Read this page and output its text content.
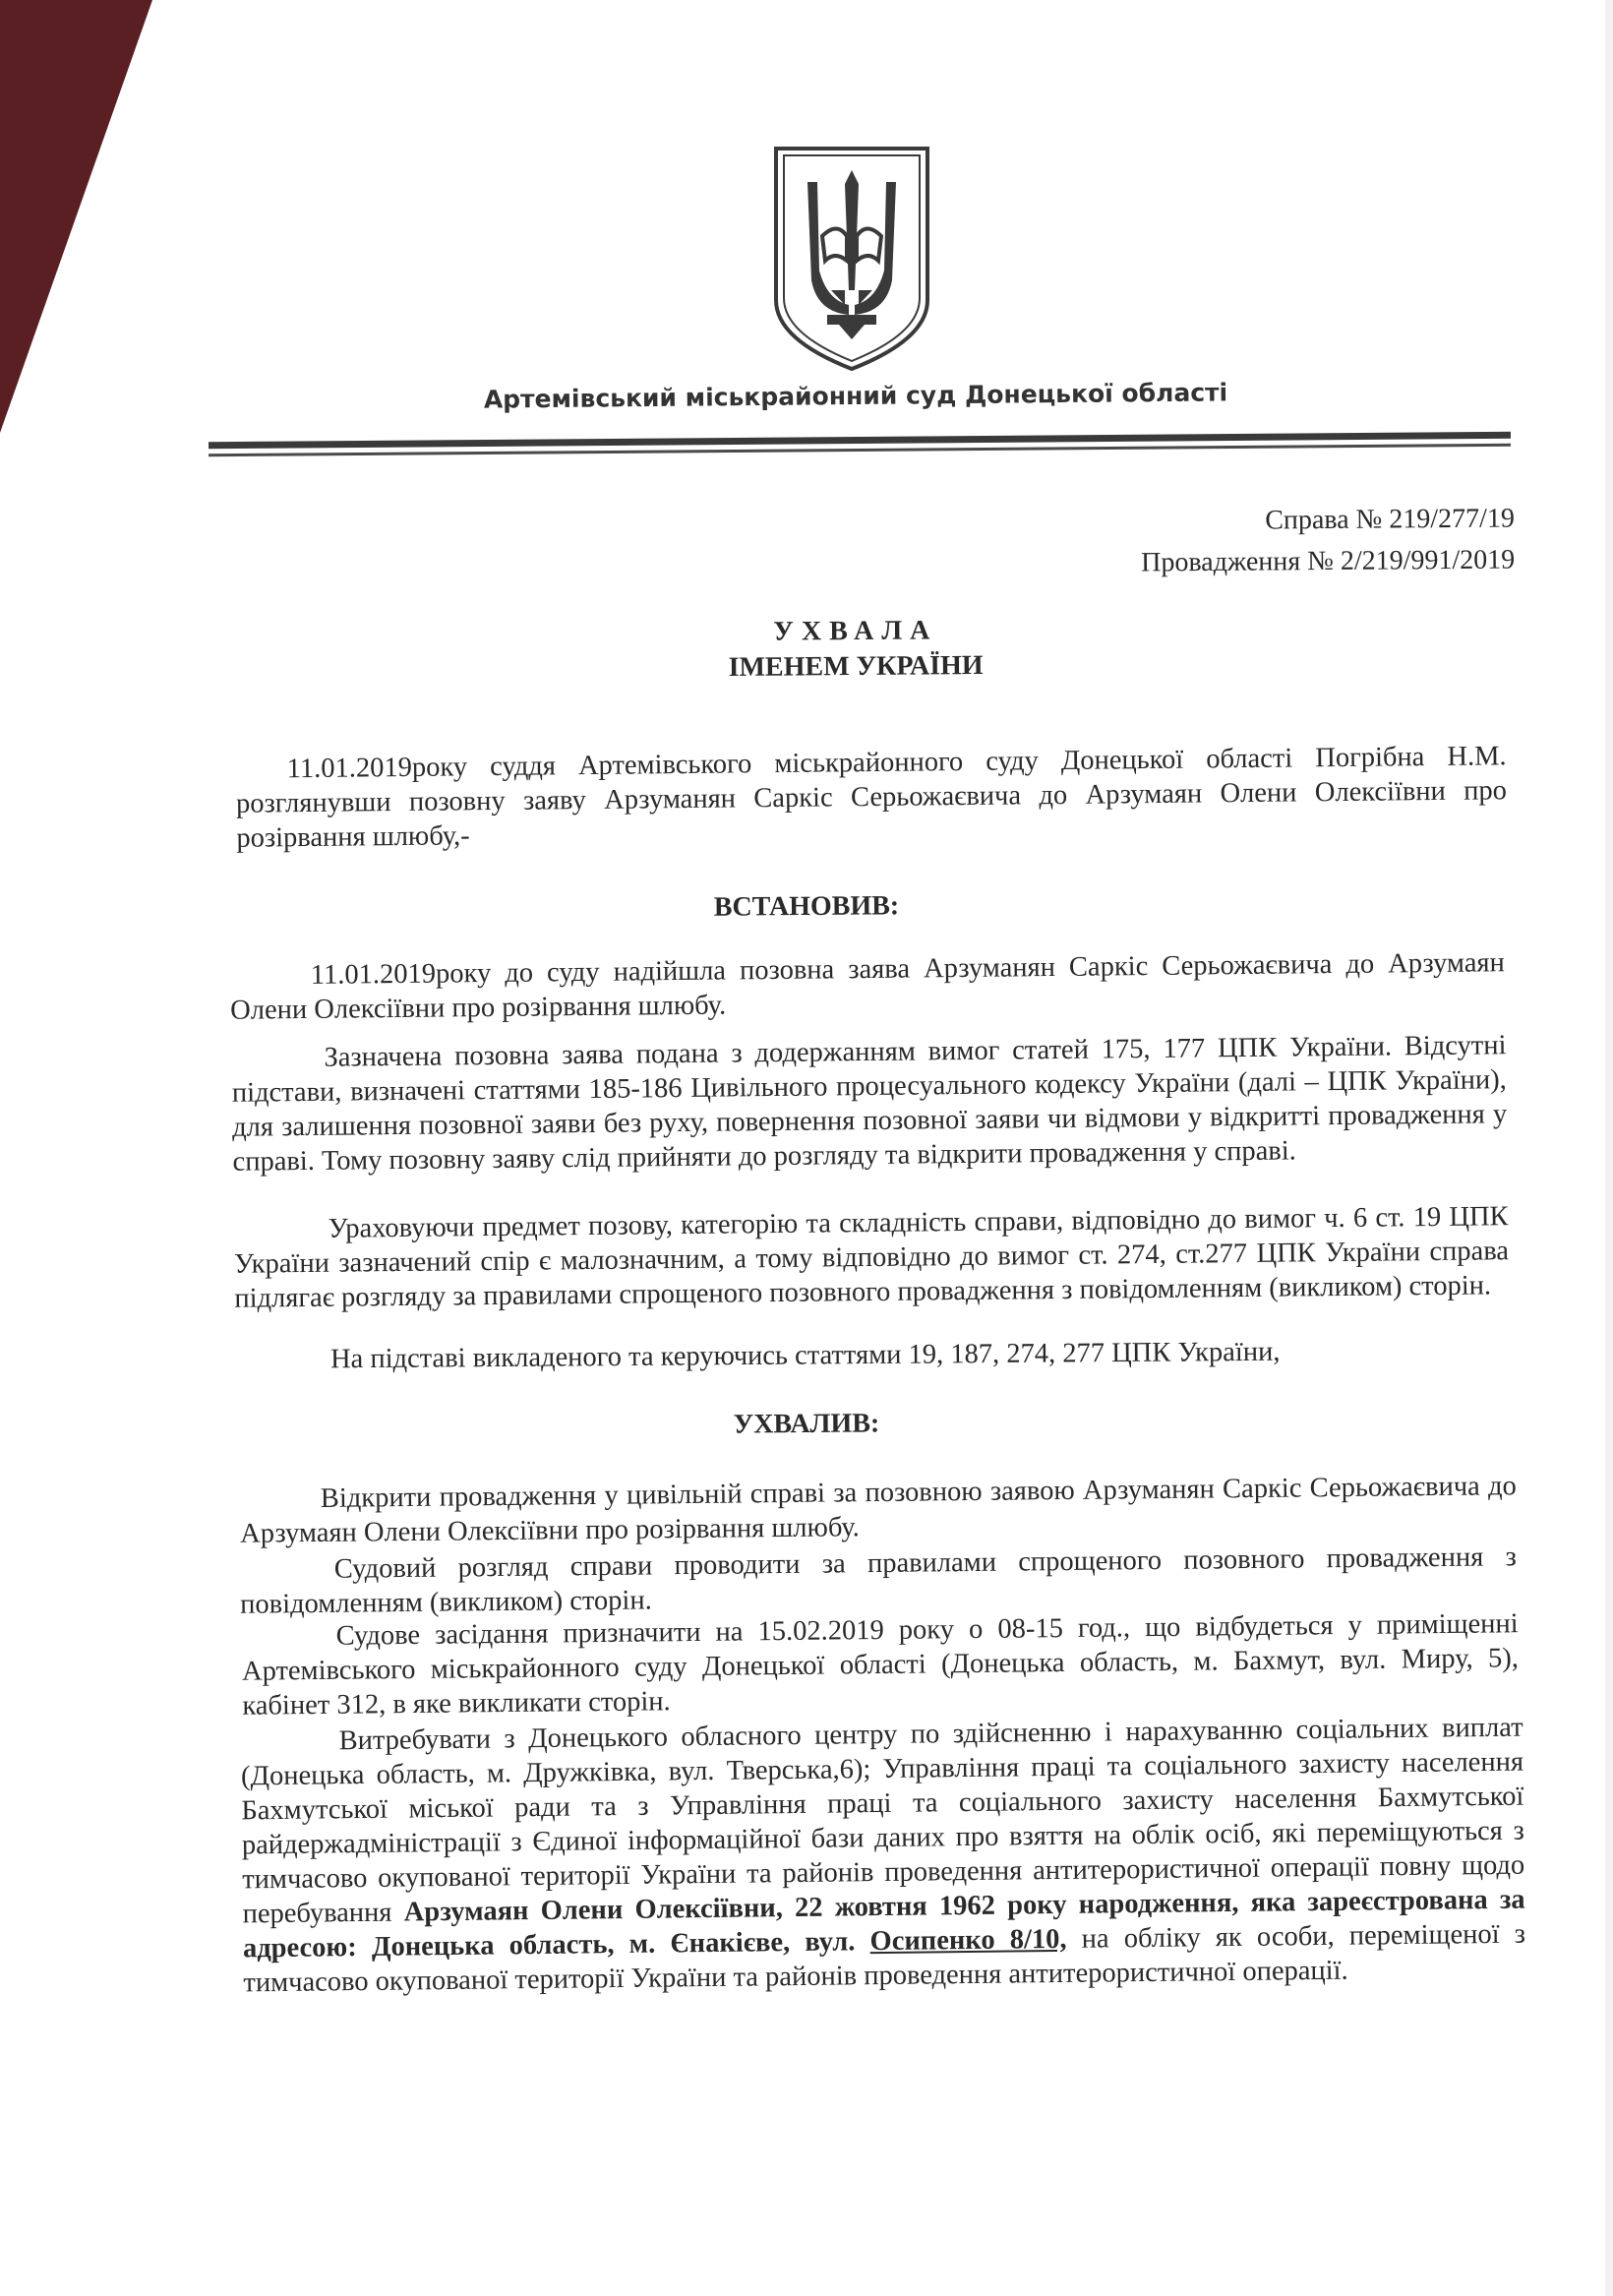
Артемівський міськрайонний суд Донецької області
Справа № 219/277/19
Провадження № 2/219/991/2019
УХВАЛА
ІМЕНЕМ УКРАЇНИ

11.01.2019року суддя Артемівського міськрайонного суду Донецької області Погрібна Н.М. розглянувши позовну заяву Арзуманян Саркіс Серьожаєвича до Арзумаян Олени Олексіївни про розірвання шлюбу,-

ВСТАНОВИВ:

11.01.2019року до суду надійшла позовна заява Арзуманян Саркіс Серьожаєвича до Арзумаян Олени Олексіївни про розірвання шлюбу.

Зазначена позовна заява подана з додержанням вимог статей 175, 177 ЦПК України. Відсутні підстави, визначені статтями 185-186 Цивільного процесуального кодексу України (далі – ЦПК України), для залишення позовної заяви без руху, повернення позовної заяви чи відмови у відкритті провадження у справі. Тому позовну заяву слід прийняти до розгляду та відкрити провадження у справі.

Ураховуючи предмет позову, категорію та складність справи, відповідно до вимог ч. 6 ст. 19 ЦПК України зазначений спір є малозначним, а тому відповідно до вимог ст. 274, ст.277 ЦПК України справа підлягає розгляду за правилами спрощеного позовного провадження з повідомленням (викликом) сторін.

На підставі викладеного та керуючись статтями 19, 187, 274, 277 ЦПК України,

УХВАЛИВ:

Відкрити провадження у цивільній справі за позовною заявою Арзуманян Саркіс Серьожаєвича до Арзумаян Олени Олексіївни про розірвання шлюбу.

Судовий розгляд справи проводити за правилами спрощеного позовного провадження з повідомленням (викликом) сторін.

Судове засідання призначити на 15.02.2019 року о 08-15 год., що відбудеться у приміщенні Артемівського міськрайонного суду Донецької області (Донецька область, м. Бахмут, вул. Миру, 5), кабінет 312, в яке викликати сторін.

Витребувати з Донецького обласного центру по здійсненню і нарахуванню соціальних виплат (Донецька область, м. Дружківка, вул. Тверська,6); Управління праці та соціального захисту населення Бахмутської міської ради та з Управління праці та соціального захисту населення Бахмутської райдержадміністрації з Єдиної інформаційної бази даних про взяття на облік осіб, які переміщуються з тимчасово окупованої території України та районів проведення антитерористичної операції повну щодо перебування Арзумаян Олени Олексіївни, 22 жовтня 1962 року народження, яка зареєстрована за адресою: Донецька область, м. Єнакієве, вул. Осипенко 8/10, на обліку як особи, переміщеної з тимчасово окупованої території України та районів проведення антитерористичної операції.
